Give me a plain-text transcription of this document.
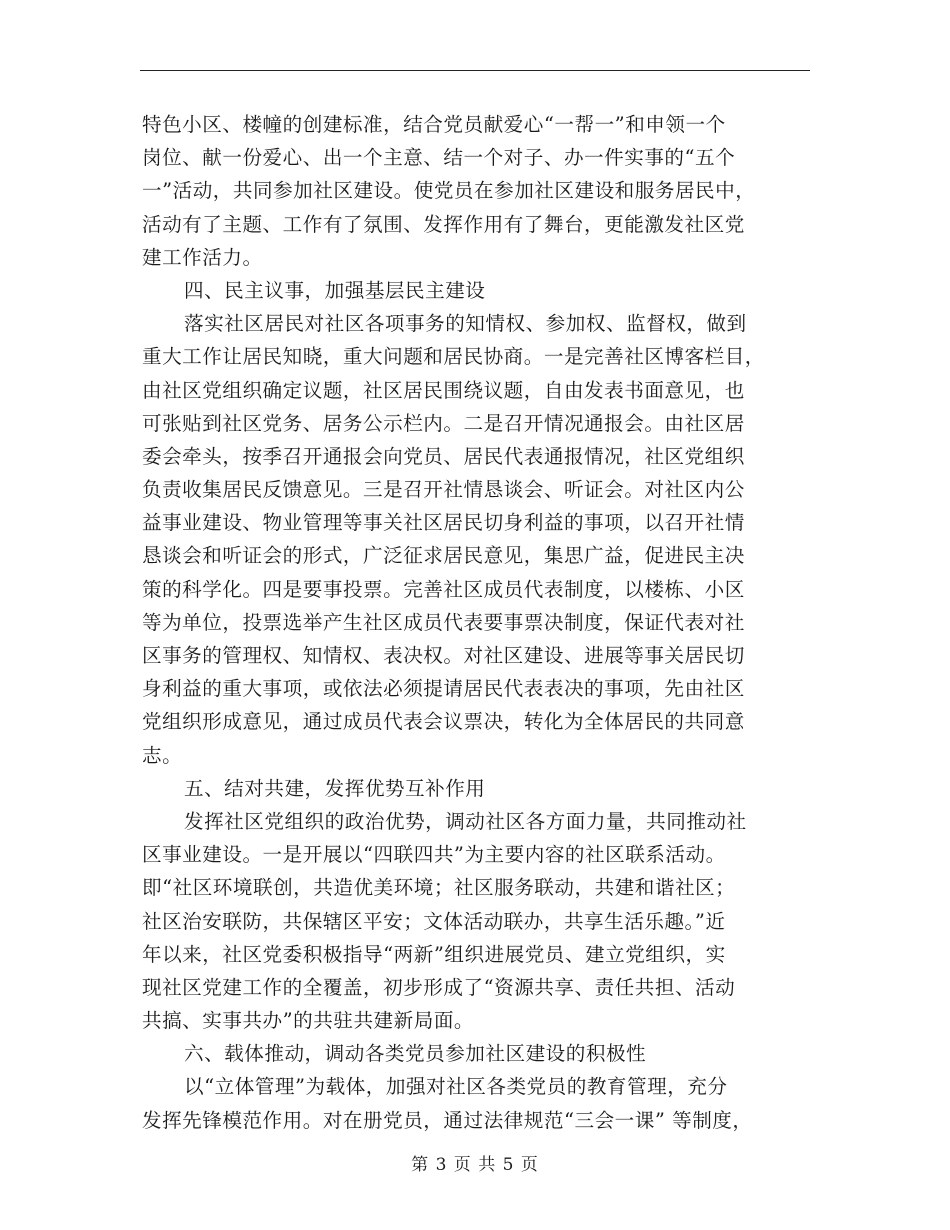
特色小区、楼幢的创建标准，结合党员献爱心“一帮一”和申领一个
岗位、献一份爱心、出一个主意、结一个对子、办一件实事的“五个
一”活动，共同参加社区建设。使党员在参加社区建设和服务居民中，
活动有了主题、工作有了氛围、发挥作用有了舞台，更能激发社区党
建工作活力。
四、民主议事，加强基层民主建设
落实社区居民对社区各项事务的知情权、参加权、监督权，做到
重大工作让居民知晓，重大问题和居民协商。一是完善社区博客栏目，
由社区党组织确定议题，社区居民围绕议题，自由发表书面意见，也
可张贴到社区党务、居务公示栏内。二是召开情况通报会。由社区居
委会牵头，按季召开通报会向党员、居民代表通报情况，社区党组织
负责收集居民反馈意见。三是召开社情恳谈会、听证会。对社区内公
益事业建设、物业管理等事关社区居民切身利益的事项，以召开社情
恳谈会和听证会的形式，广泛征求居民意见，集思广益，促进民主决
策的科学化。四是要事投票。完善社区成员代表制度，以楼栋、小区
等为单位，投票选举产生社区成员代表要事票决制度，保证代表对社
区事务的管理权、知情权、表决权。对社区建设、进展等事关居民切
身利益的重大事项，或依法必须提请居民代表表决的事项，先由社区
党组织形成意见，通过成员代表会议票决，转化为全体居民的共同意
志。
五、结对共建，发挥优势互补作用
发挥社区党组织的政治优势，调动社区各方面力量，共同推动社
区事业建设。一是开展以“四联四共”为主要内容的社区联系活动。
即“社区环境联创，共造优美环境；社区服务联动，共建和谐社区；
社区治安联防，共保辖区平安；文体活动联办，共享生活乐趣。”近
年以来，社区党委积极指导“两新”组织进展党员、建立党组织，实
现社区党建工作的全覆盖，初步形成了“资源共享、责任共担、活动
共搞、实事共办”的共驻共建新局面。
六、载体推动，调动各类党员参加社区建设的积极性
以“立体管理”为载体，加强对社区各类党员的教育管理，充分
发挥先锋模范作用。对在册党员，通过法律规范“三会一课” 等制度，
第 3 页 共 5 页
